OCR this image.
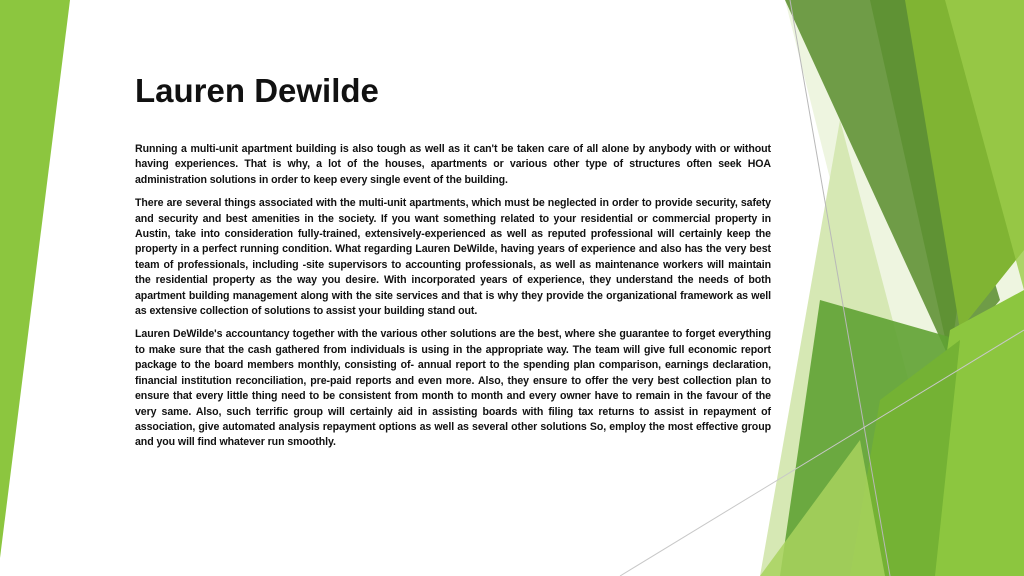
Lauren Dewilde

Running a multi-unit apartment building is also tough as well as it can't be taken care of all alone by anybody with or without having experiences. That is why, a lot of the houses, apartments or various other type of structures often seek HOA administration solutions in order to keep every single event of the building.

There are several things associated with the multi-unit apartments, which must be neglected in order to provide security, safety and security and best amenities in the society. If you want something related to your residential or commercial property in Austin, take into consideration fully-trained, extensively-experienced as well as reputed professional will certainly keep the property in a perfect running condition. What regarding Lauren DeWilde, having years of experience and also has the very best team of professionals, including -site supervisors to accounting professionals, as well as maintenance workers will maintain the residential property as the way you desire. With incorporated years of experience, they understand the needs of both apartment building management along with the site services and that is why they provide the organizational framework as well as extensive collection of solutions to assist your building stand out.

Lauren DeWilde's accountancy together with the various other solutions are the best, where she guarantee to forget everything to make sure that the cash gathered from individuals is using in the appropriate way. The team will give full economic report package to the board members monthly, consisting of- annual report to the spending plan comparison, earnings declaration, financial institution reconciliation, pre-paid reports and even more. Also, they ensure to offer the very best collection plan to ensure that every little thing need to be consistent from month to month and every owner have to remain in the favour of the very same. Also, such terrific group will certainly aid in assisting boards with filing tax returns to assist in repayment of association, give automated analysis repayment options as well as several other solutions So, employ the most effective group and you will find whatever run smoothly.
